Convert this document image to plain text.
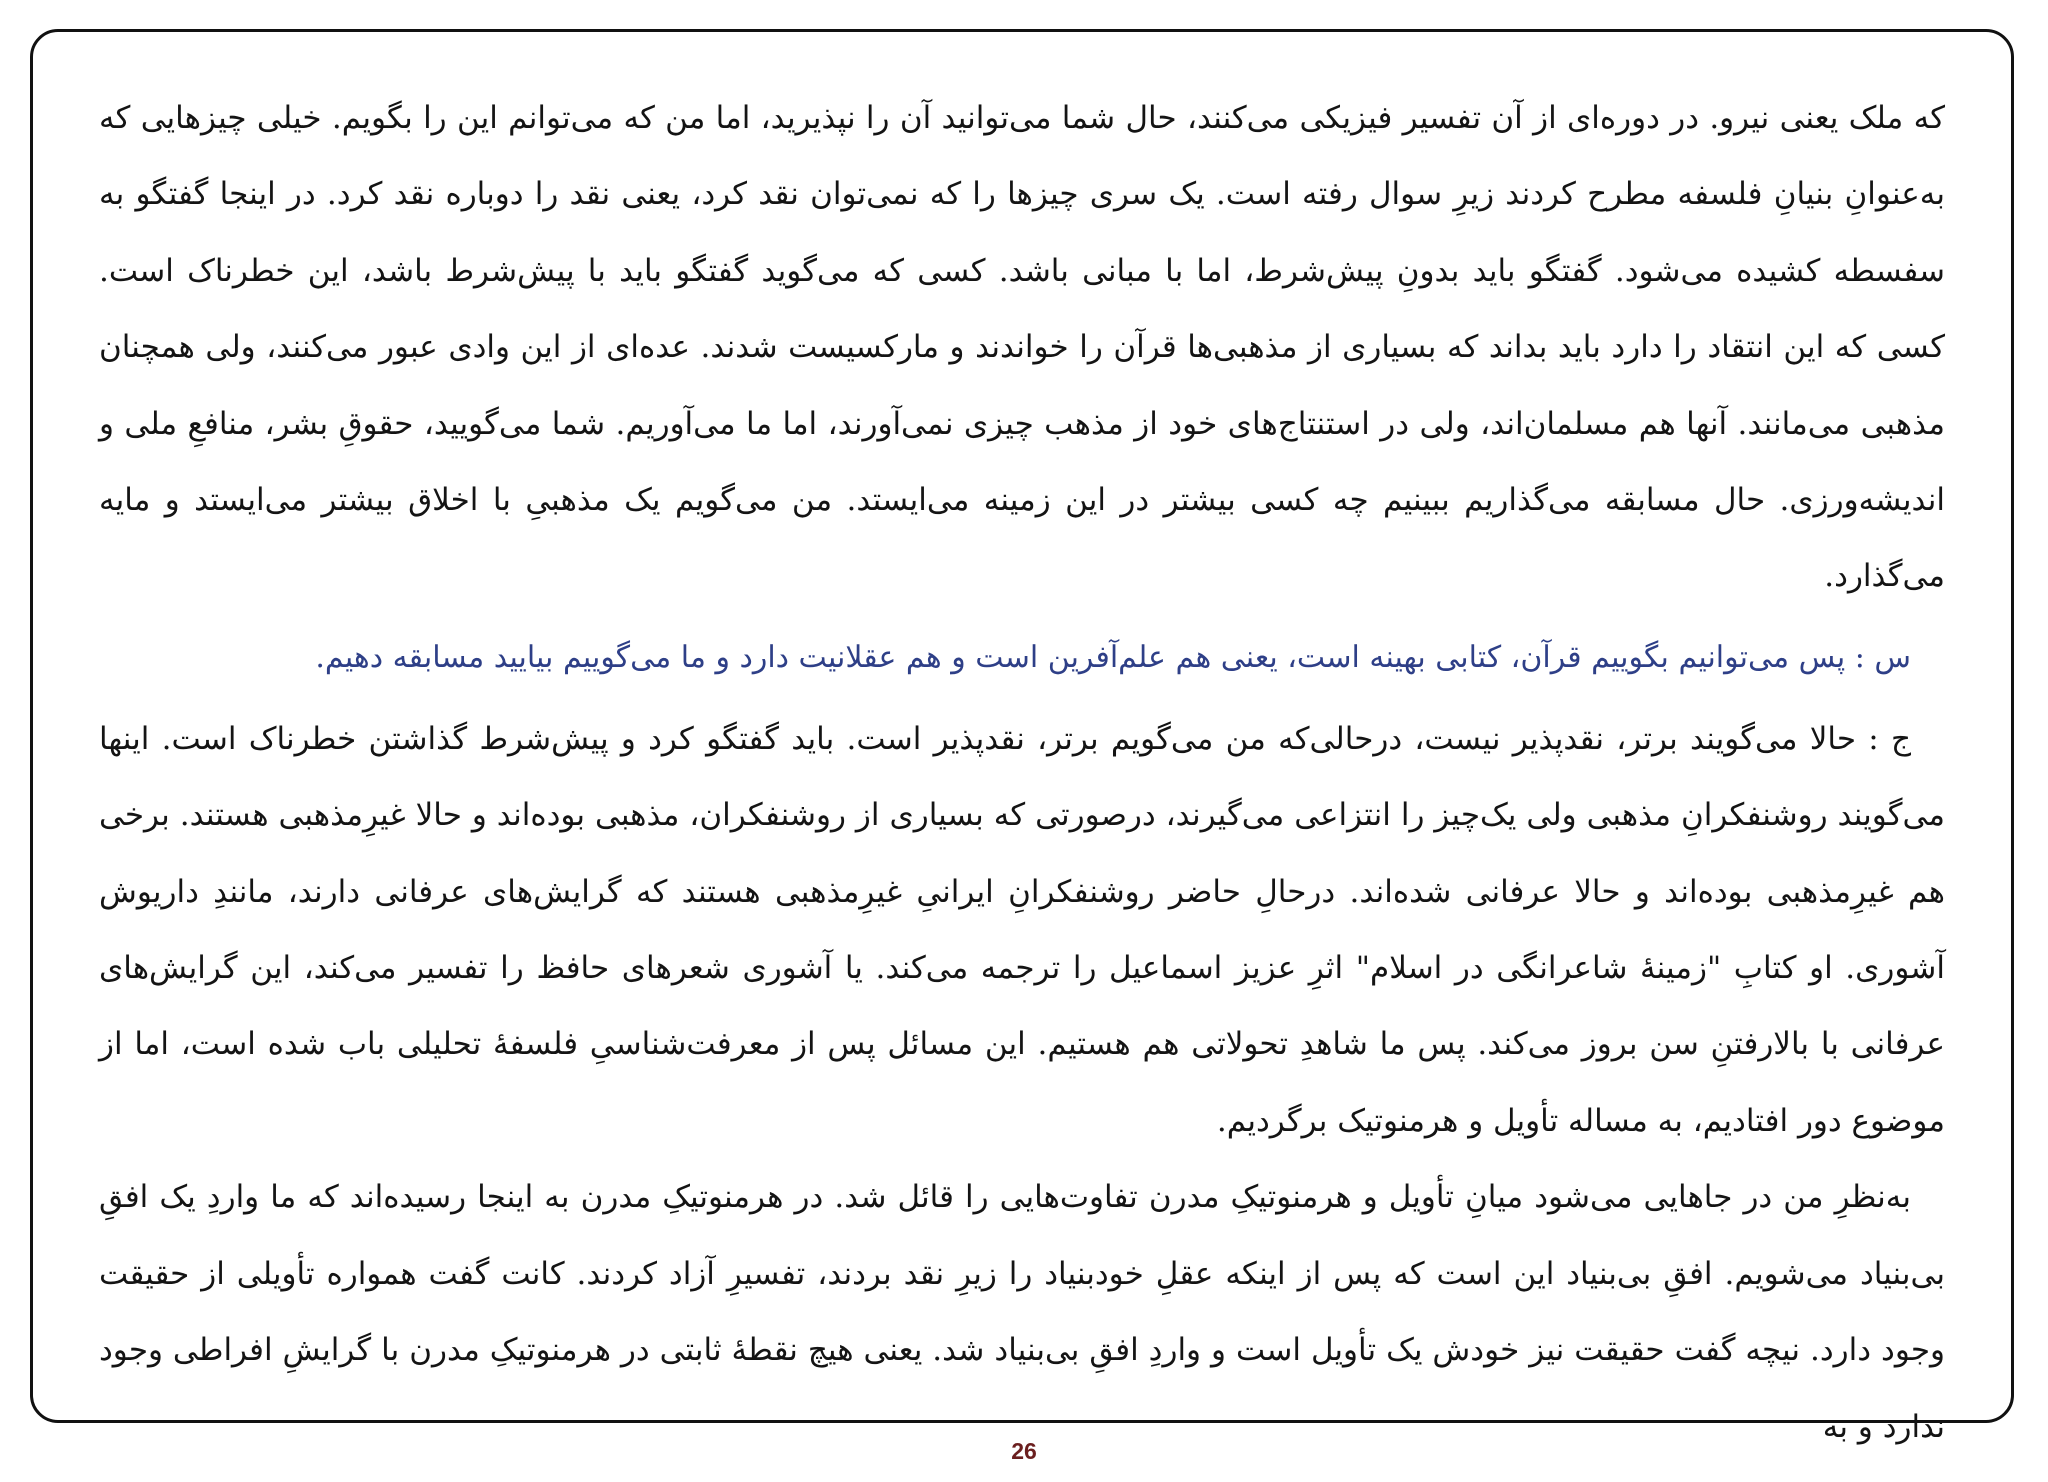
که ملک یعنی نیرو. در دوره‌ای از آن تفسیر فیزیکی می‌کنند، حال شما می‌توانید آن را نپذیرید، اما من که می‌توانم این را بگویم. خیلی چیزهایی که به‌عنوانِ بنیانِ فلسفه مطرح کردند زیرِ سوال رفته است. یک سری چیزها را که نمی‌توان نقد کرد، یعنی نقد را دوباره نقد کرد. در اینجا گفتگو به سفسطه کشیده می‌شود. گفتگو باید بدونِ پیش‌شرط، اما با مبانی باشد. کسی که می‌گوید گفتگو باید با پیش‌شرط باشد، این خطرناک است. کسی که این انتقاد را دارد باید بداند که بسیاری از مذهبی‌ها قرآن را خواندند و مارکسیست شدند. عده‌ای از این وادی عبور می‌کنند، ولی همچنان مذهبی می‌مانند. آنها هم مسلمان‌اند، ولی در استنتاج‌های خود از مذهب چیزی نمی‌آورند، اما ما می‌آوریم. شما می‌گویید، حقوقِ بشر، منافعِ ملی و اندیشه‌ورزی. حال مسابقه می‌گذاریم ببینیم چه کسی بیشتر در این زمینه می‌ایستد. من می‌گویم یک مذهبیِ با اخلاق بیشتر می‌ایستد و مایه می‌گذارد.

س : پس می‌توانیم بگوییم قرآن، کتابی بهینه است، یعنی هم علم‌آفرین است و هم عقلانیت دارد و ما می‌گوییم بیایید مسابقه دهیم.

ج : حالا می‌گویند برتر، نقدپذیر نیست، درحالی‌که من می‌گویم برتر، نقدپذیر است. باید گفتگو کرد و پیش‌شرط گذاشتن خطرناک است. اینها می‌گویند روشنفکرانِ مذهبی ولی یک‌چیز را انتزاعی می‌گیرند، درصورتی که بسیاری از روشنفکران، مذهبی بوده‌اند و حالا غیرِمذهبی هستند. برخی هم غیرِمذهبی بوده‌اند و حالا عرفانی شده‌اند. درحالِ حاضر روشنفکرانِ ایرانیِ غیرِمذهبی هستند که گرایش‌های عرفانی دارند، مانندِ داریوش آشوری. او کتابِ "زمینهٔ شاعرانگی در اسلام" اثرِ عزیز اسماعیل را ترجمه می‌کند. یا آشوری شعرهای حافظ را تفسیر می‌کند، این گرایش‌های عرفانی با بالارفتنِ سن بروز می‌کند. پس ما شاهدِ تحولاتی هم هستیم. این مسائل پس از معرفت‌شناسیِ فلسفهٔ تحلیلی باب شده است، اما از موضوع دور افتادیم، به مساله تأویل و هرمنوتیک برگردیم.

به‌نظرِ من در جاهایی می‌شود میانِ تأویل و هرمنوتیکِ مدرن تفاوت‌هایی را قائل شد. در هرمنوتیکِ مدرن به اینجا رسیده‌اند که ما واردِ یک افقِ بی‌بنیاد می‌شویم. افقِ بی‌بنیاد این است که پس از اینکه عقلِ خودبنیاد را زیرِ نقد بردند، تفسیرِ آزاد کردند. کانت گفت همواره تأویلی از حقیقت وجود دارد. نیچه گفت حقیقت نیز خودش یک تأویل است و واردِ افقِ بی‌بنیاد شد. یعنی هیچ نقطهٔ ثابتی در هرمنوتیکِ مدرن با گرایشِ افراطی وجود ندارد و به

26
